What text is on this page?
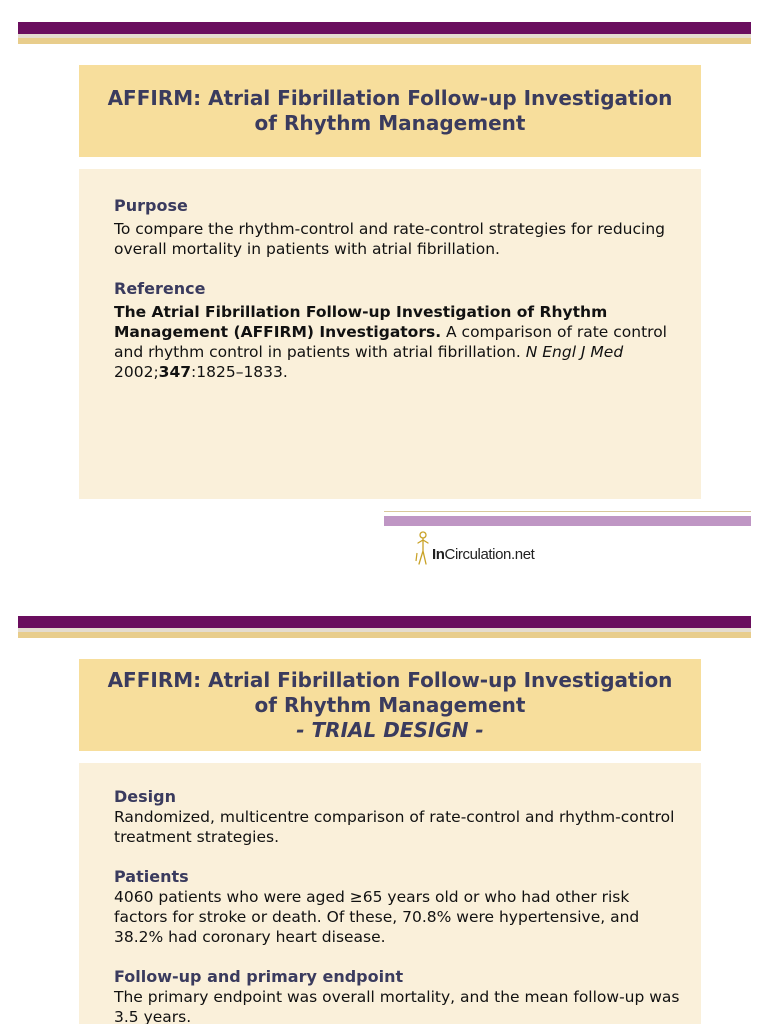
AFFIRM: Atrial Fibrillation Follow-up Investigation
of Rhythm Management
Purpose
To compare the rhythm-control and rate-control strategies for reducing overall mortality in patients with atrial fibrillation.
Reference
The Atrial Fibrillation Follow-up Investigation of Rhythm Management (AFFIRM) Investigators. A comparison of rate control and rhythm control in patients with atrial fibrillation. N Engl J Med 2002;347:1825–1833.
InCirculation.net
AFFIRM: Atrial Fibrillation Follow-up Investigation
of Rhythm Management
- TRIAL DESIGN -
Design
Randomized, multicentre comparison of rate-control and rhythm-control treatment strategies.
Patients
4060 patients who were aged ≥65 years old or who had other risk factors for stroke or death. Of these, 70.8% were hypertensive, and 38.2% had coronary heart disease.
Follow-up and primary endpoint
The primary endpoint was overall mortality, and the mean follow-up was 3.5 years.
